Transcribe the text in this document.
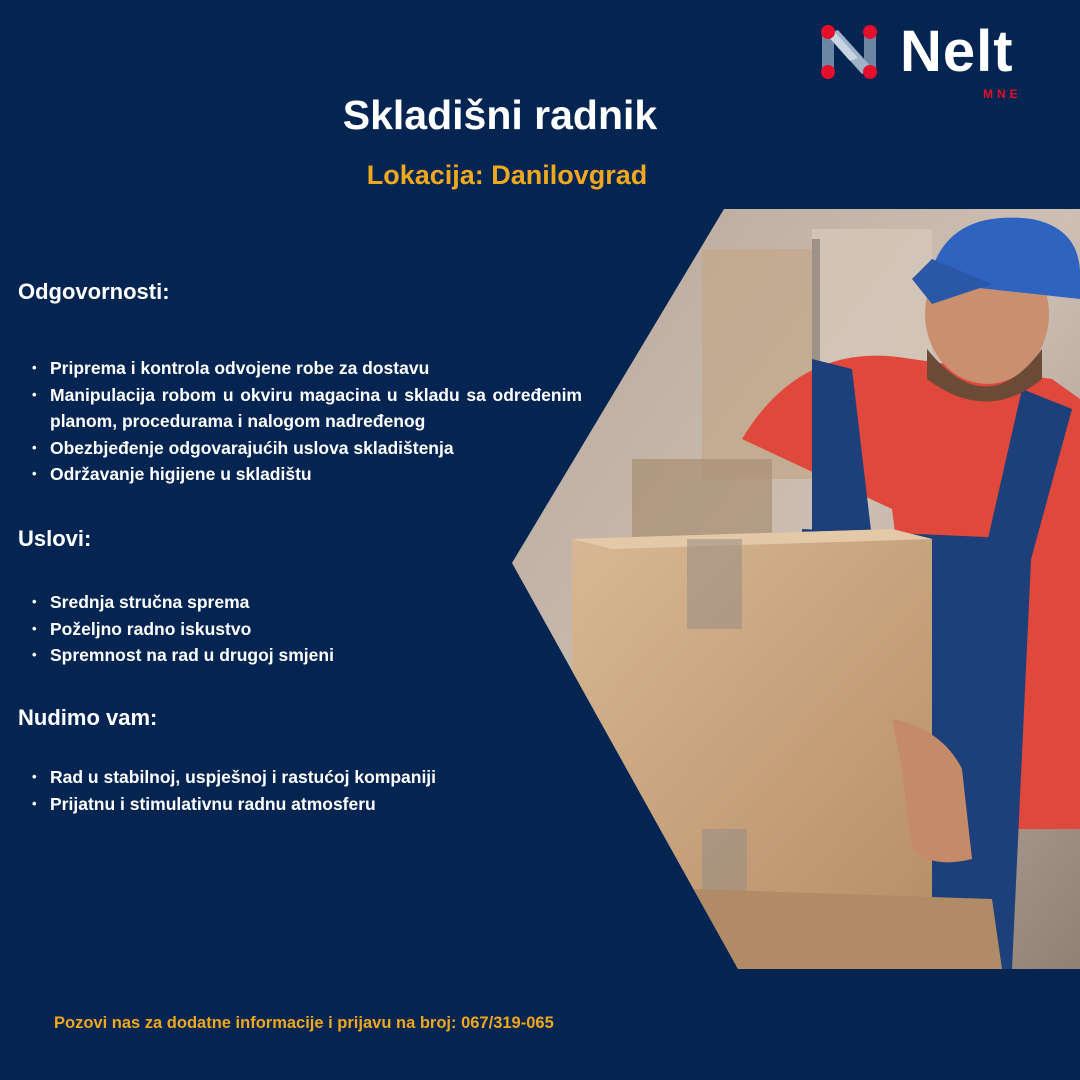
Nelt
MNE
Skladišni radnik
Lokacija: Danilovgrad
Odgovornosti:
• Priprema i kontrola odvojene robe za dostavu
• Manipulacija robom u okviru magacina u skladu sa određenim planom, procedurama i nalogom nadređenog
• Obezbjeđenje odgovarajućih uslova skladištenja
• Održavanje higijene u skladištu
Uslovi:
• Srednja stručna sprema
• Poželjno radno iskustvo
• Spremnost na rad u drugoj smjeni
Nudimo vam:
• Rad u stabilnoj, uspješnoj i rastućoj kompaniji
• Prijatnu i stimulativnu radnu atmosferu
Pozovi nas za dodatne informacije i prijavu na broj: 067/319-065
